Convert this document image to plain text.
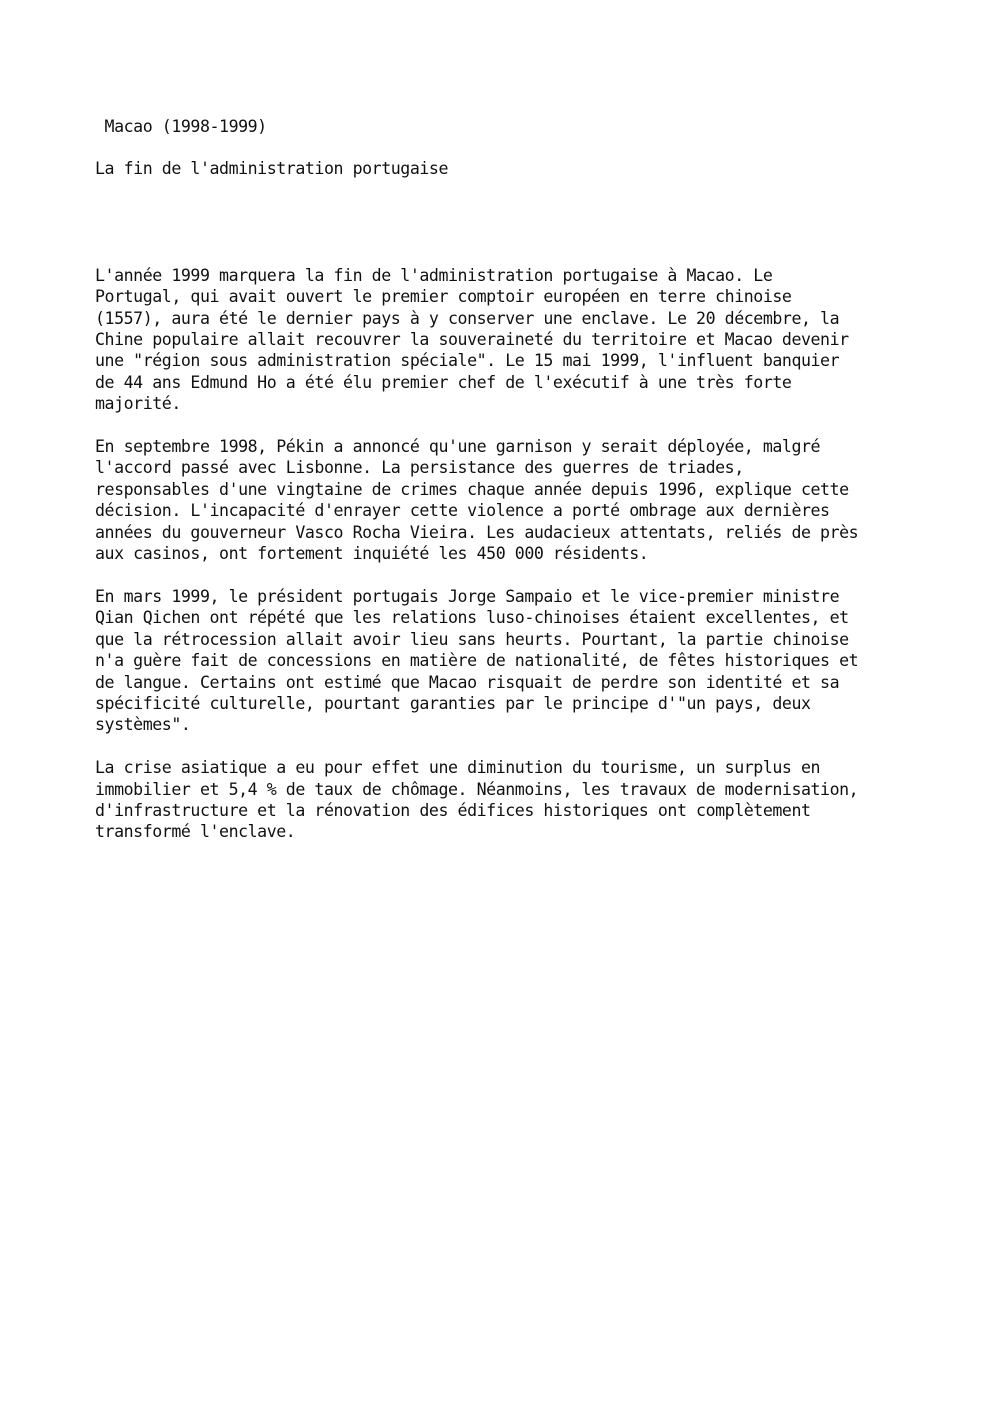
Macao (1998-1999)
La fin de l'administration portugaise

L'année 1999 marquera la fin de l'administration portugaise à Macao. Le
Portugal, qui avait ouvert le premier comptoir européen en terre chinoise
(1557), aura été le dernier pays à y conserver une enclave. Le 20 décembre, la
Chine populaire allait recouvrer la souveraineté du territoire et Macao devenir
une "région sous administration spéciale". Le 15 mai 1999, l'influent banquier
de 44 ans Edmund Ho a été élu premier chef de l'exécutif à une très forte
majorité.

En septembre 1998, Pékin a annoncé qu'une garnison y serait déployée, malgré
l'accord passé avec Lisbonne. La persistance des guerres de triades,
responsables d'une vingtaine de crimes chaque année depuis 1996, explique cette
décision. L'incapacité d'enrayer cette violence a porté ombrage aux dernières
années du gouverneur Vasco Rocha Vieira. Les audacieux attentats, reliés de près
aux casinos, ont fortement inquiété les 450 000 résidents.

En mars 1999, le président portugais Jorge Sampaio et le vice-premier ministre
Qian Qichen ont répété que les relations luso-chinoises étaient excellentes, et
que la rétrocession allait avoir lieu sans heurts. Pourtant, la partie chinoise
n'a guère fait de concessions en matière de nationalité, de fêtes historiques et
de langue. Certains ont estimé que Macao risquait de perdre son identité et sa
spécificité culturelle, pourtant garanties par le principe d'"un pays, deux
systèmes".

La crise asiatique a eu pour effet une diminution du tourisme, un surplus en
immobilier et 5,4 % de taux de chômage. Néanmoins, les travaux de modernisation,
d'infrastructure et la rénovation des édifices historiques ont complètement
transformé l'enclave.
